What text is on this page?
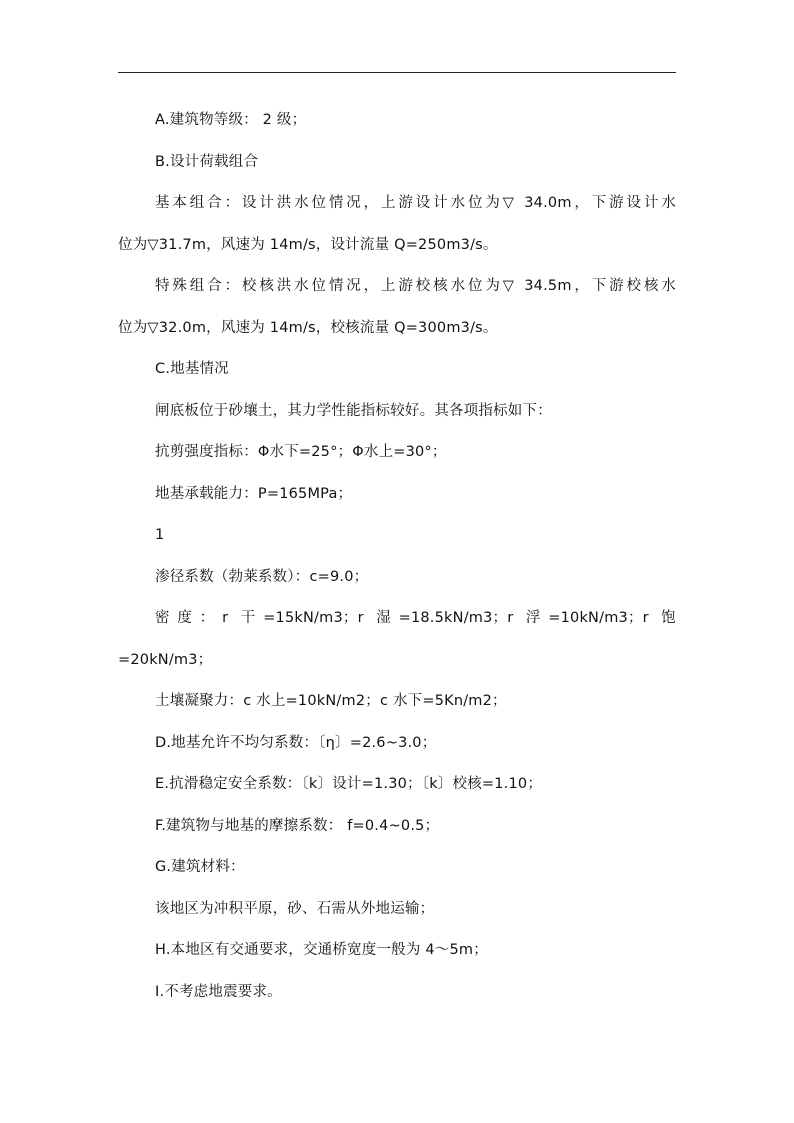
A.建筑物等级： 2 级；
B.设计荷载组合
基本组合：设计洪水位情况，上游设计水位为▽ 34.0m，下游设计水
位为▽31.7m，风速为 14m/s，设计流量 Q=250m3/s。
特殊组合：校核洪水位情况，上游校核水位为▽ 34.5m，下游校核水
位为▽32.0m，风速为 14m/s，校核流量 Q=300m3/s。
C.地基情况
闸底板位于砂壤土，其力学性能指标较好。其各项指标如下：
抗剪强度指标：Φ水下=25°；Φ水上=30°；
地基承载能力：P=165MPa；
1
渗径系数（勃莱系数）：c=9.0；
密度：r 干=15kN/m3；r 湿=18.5kN/m3；r 浮=10kN/m3；r 饱
=20kN/m3；
土壤凝聚力：c 水上=10kN/m2；c 水下=5Kn/m2；
D.地基允许不均匀系数：〔η〕=2.6~3.0；
E.抗滑稳定安全系数：〔k〕设计=1.30；〔k〕校核=1.10；
F.建筑物与地基的摩擦系数： f=0.4~0.5；
G.建筑材料：
该地区为冲积平原，砂、石需从外地运输；
H.本地区有交通要求，交通桥宽度一般为 4～5m；
I.不考虑地震要求。
